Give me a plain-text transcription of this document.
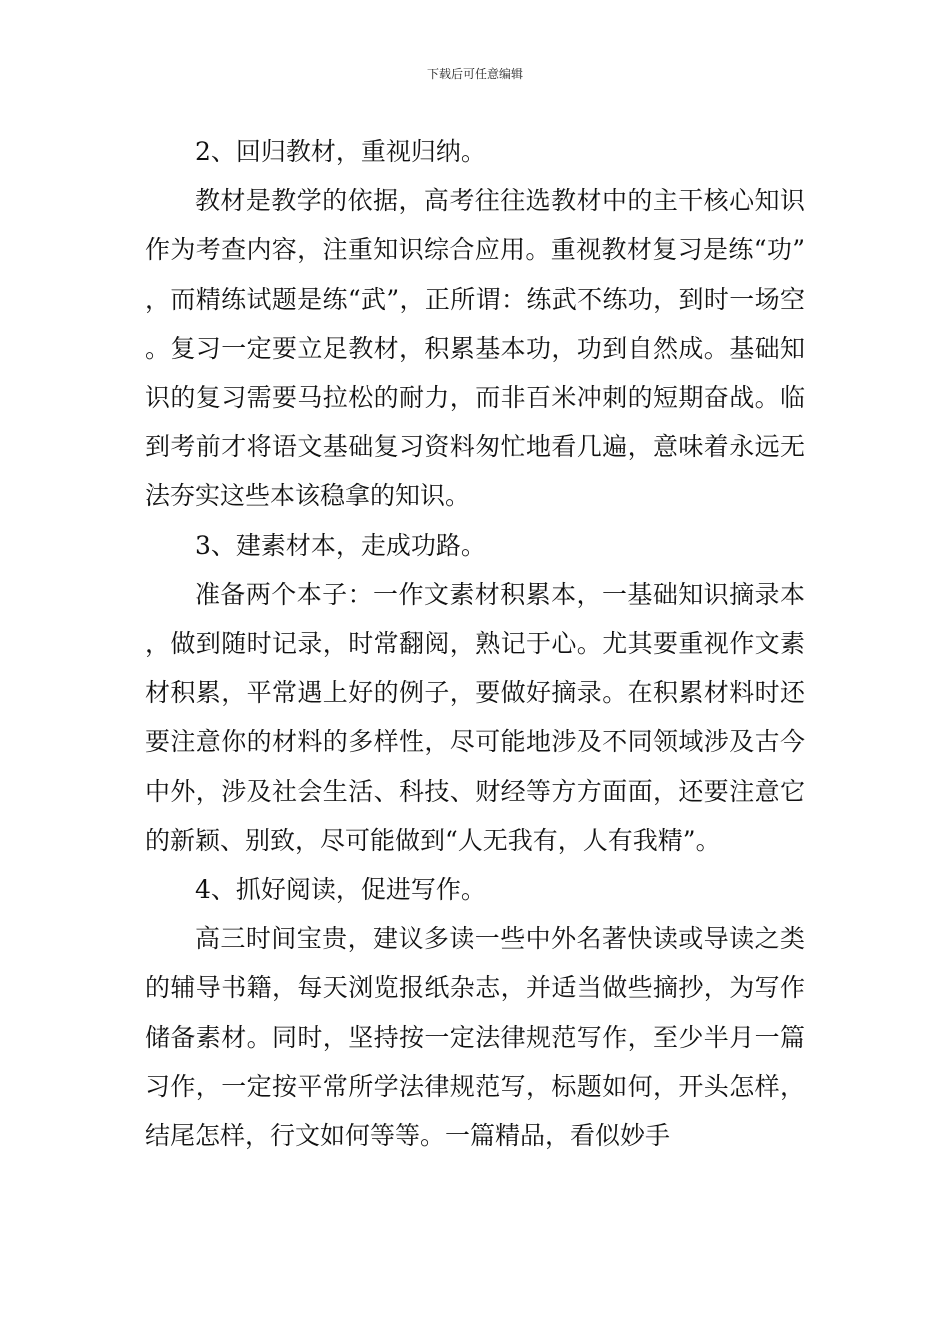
下载后可任意编辑

2、回归教材，重视归纳。

教材是教学的依据，高考往往选教材中的主干核心知识作为考查内容，注重知识综合应用。重视教材复习是练“功”，而精练试题是练“武”，正所谓：练武不练功，到时一场空。复习一定要立足教材，积累基本功，功到自然成。基础知识的复习需要马拉松的耐力，而非百米冲刺的短期奋战。临到考前才将语文基础复习资料匆忙地看几遍，意味着永远无法夯实这些本该稳拿的知识。

3、建素材本，走成功路。

准备两个本子：一作文素材积累本，一基础知识摘录本，做到随时记录，时常翻阅，熟记于心。尤其要重视作文素材积累，平常遇上好的例子，要做好摘录。在积累材料时还要注意你的材料的多样性，尽可能地涉及不同领域涉及古今中外，涉及社会生活、科技、财经等方方面面，还要注意它的新颖、别致，尽可能做到“人无我有，人有我精”。

4、抓好阅读，促进写作。

高三时间宝贵，建议多读一些中外名著快读或导读之类的辅导书籍，每天浏览报纸杂志，并适当做些摘抄，为写作储备素材。同时，坚持按一定法律规范写作，至少半月一篇习作，一定按平常所学法律规范写，标题如何，开头怎样，结尾怎样，行文如何等等。一篇精品，看似妙手
